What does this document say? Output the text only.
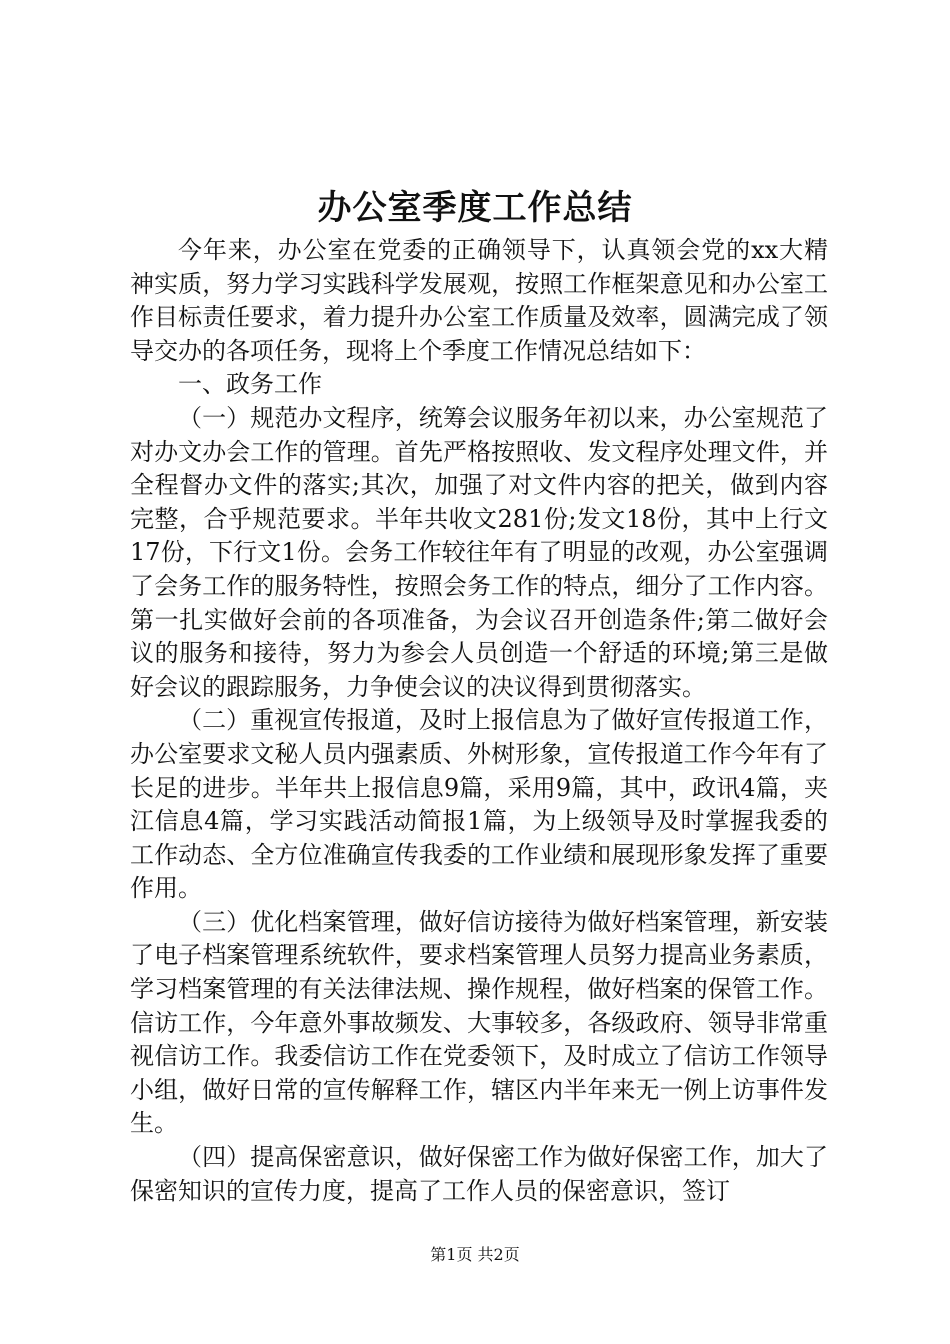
办公室季度工作总结

今年来，办公室在党委的正确领导下，认真领会党的xx大精神实质，努力学习实践科学发展观，按照工作框架意见和办公室工作目标责任要求，着力提升办公室工作质量及效率，圆满完成了领导交办的各项任务，现将上个季度工作情况总结如下：

一、政务工作

（一）规范办文程序，统筹会议服务年初以来，办公室规范了对办文办会工作的管理。首先严格按照收、发文程序处理文件，并全程督办文件的落实;其次，加强了对文件内容的把关，做到内容完整，合乎规范要求。半年共收文281份;发文18份，其中上行文17份，下行文1份。会务工作较往年有了明显的改观，办公室强调了会务工作的服务特性，按照会务工作的特点，细分了工作内容。第一扎实做好会前的各项准备，为会议召开创造条件;第二做好会议的服务和接待，努力为参会人员创造一个舒适的环境;第三是做好会议的跟踪服务，力争使会议的决议得到贯彻落实。

（二）重视宣传报道，及时上报信息为了做好宣传报道工作，办公室要求文秘人员内强素质、外树形象，宣传报道工作今年有了长足的进步。半年共上报信息9篇，采用9篇，其中，政讯4篇，夹江信息4篇，学习实践活动简报1篇，为上级领导及时掌握我委的工作动态、全方位准确宣传我委的工作业绩和展现形象发挥了重要作用。

（三）优化档案管理，做好信访接待为做好档案管理，新安装了电子档案管理系统软件，要求档案管理人员努力提高业务素质，学习档案管理的有关法律法规、操作规程，做好档案的保管工作。信访工作，今年意外事故频发、大事较多，各级政府、领导非常重视信访工作。我委信访工作在党委领下，及时成立了信访工作领导小组，做好日常的宣传解释工作，辖区内半年来无一例上访事件发生。

（四）提高保密意识，做好保密工作为做好保密工作，加大了保密知识的宣传力度，提高了工作人员的保密意识，签订

第1页 共2页
